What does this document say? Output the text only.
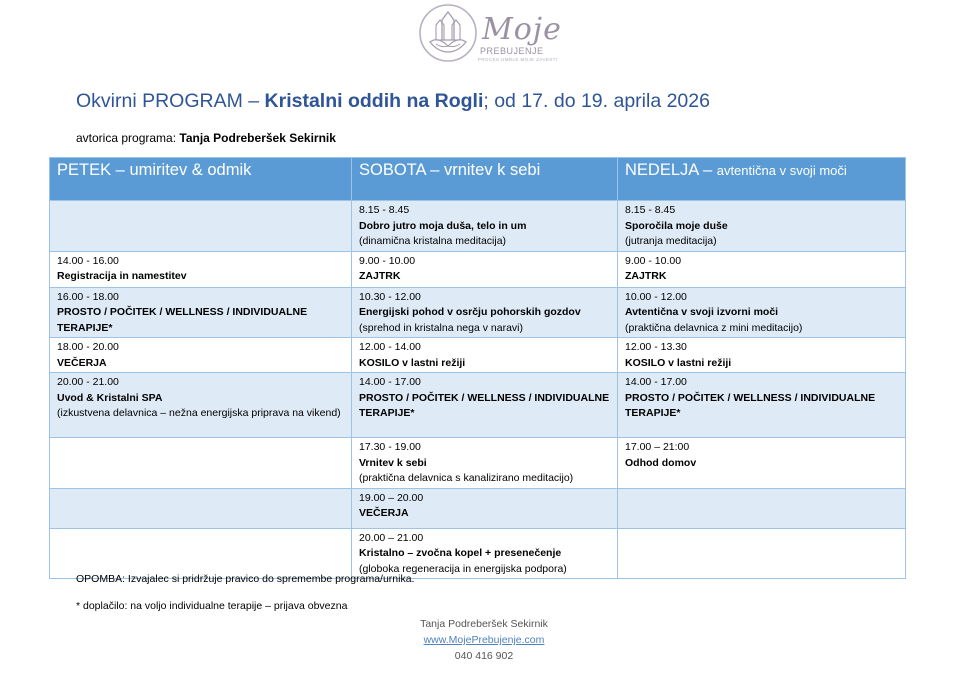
Moje
PREBUJENJE
PROCES UMRLE MOJE ZAVESTI
Okvirni PROGRAM – Kristalni oddih na Rogli; od 17. do 19. aprila 2026
avtorica programa: Tanja Podreberšek Sekirnik
PETEK – umiritev & odmik	SOBOTA – vrnitev k sebi	NEDELJA – avtentična v svoji moči

	8.15 - 8.45
Dobro jutro moja duša, telo in um
(dinamična kristalna meditacija)	8.15 - 8.45
Sporočila moje duše
(jutranja meditacija)

14.00 - 16.00
Registracija in namestitev	9.00 - 10.00
ZAJTRK	9.00 - 10.00
ZAJTRK

16.00 - 18.00
PROSTO / POČITEK / WELLNESS / INDIVIDUALNE TERAPIJE*	10.30 - 12.00
Energijski pohod v osrčju pohorskih gozdov
(sprehod in kristalna nega v naravi)	10.00 - 12.00
Avtentična v svoji izvorni moči
(praktična delavnica z mini meditacijo)

18.00 - 20.00
VEČERJA	12.00 - 14.00
KOSILO v lastni režiji	12.00 - 13.30
KOSILO v lastni režiji

20.00 - 21.00
Uvod & Kristalni SPA
(izkustvena delavnica – nežna energijska priprava na vikend)	14.00 - 17.00
PROSTO / POČITEK / WELLNESS / INDIVIDUALNE TERAPIJE*	14.00 - 17.00
PROSTO / POČITEK / WELLNESS / INDIVIDUALNE TERAPIJE*

	17.30 - 19.00
Vrnitev k sebi
(praktična delavnica s kanalizirano meditacijo)	17.00 – 21:00
Odhod domov

	19.00 – 20.00
VEČERJA	

	20.00 – 21.00
Kristalno – zvočna kopel + presenečenje
(globoka regeneracija in energijska podpora)	

OPOMBA: Izvajalec si pridržuje pravico do spremembe programa/urnika.
* doplačilo: na voljo individualne terapije – prijava obvezna
Tanja Podreberšek Sekirnik
www.MojePrebujenje.com
040 416 902
